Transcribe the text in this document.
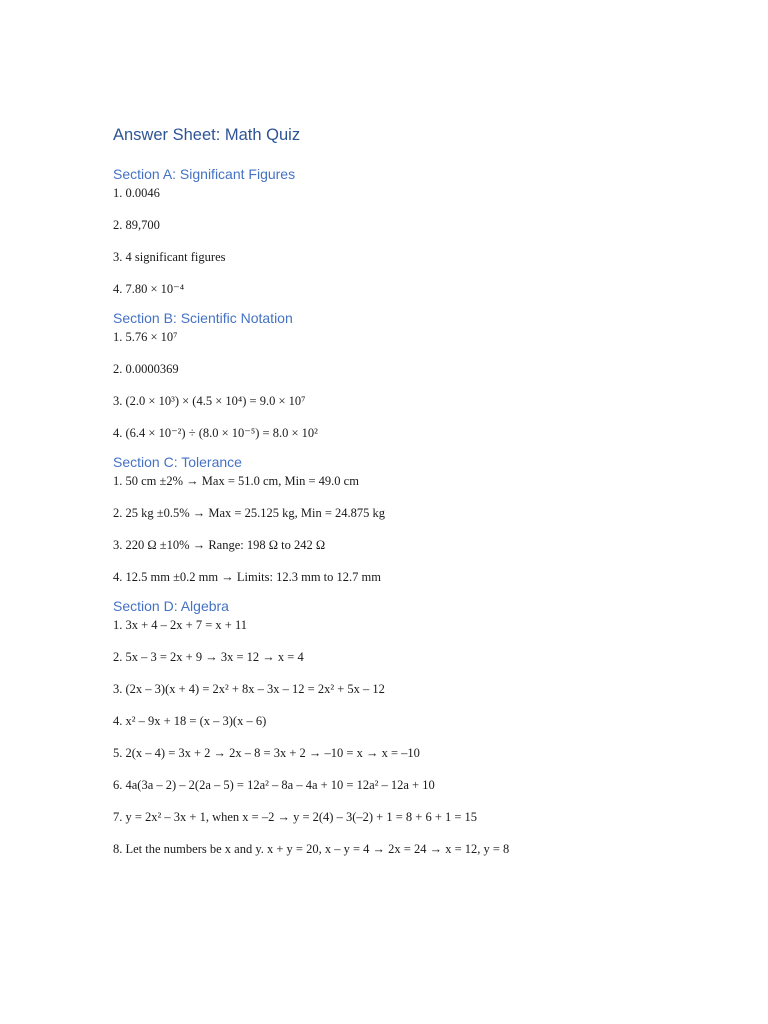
Answer Sheet: Math Quiz
Section A: Significant Figures

1. 0.0046

2. 89,700

3. 4 significant figures

4. 7.80 × 10⁻⁴

Section B: Scientific Notation

1. 5.76 × 10⁷

2. 0.0000369

3. (2.0 × 10³) × (4.5 × 10⁴) = 9.0 × 10⁷

4. (6.4 × 10⁻²) ÷ (8.0 × 10⁻⁵) = 8.0 × 10²

Section C: Tolerance

1. 50 cm ±2% → Max = 51.0 cm, Min = 49.0 cm

2. 25 kg ±0.5% → Max = 25.125 kg, Min = 24.875 kg

3. 220 Ω ±10% → Range: 198 Ω to 242 Ω

4. 12.5 mm ±0.2 mm → Limits: 12.3 mm to 12.7 mm

Section D: Algebra

1. 3x + 4 – 2x + 7 = x + 11

2. 5x – 3 = 2x + 9 → 3x = 12 → x = 4

3. (2x – 3)(x + 4) = 2x² + 8x – 3x – 12 = 2x² + 5x – 12

4. x² – 9x + 18 = (x – 3)(x – 6)

5. 2(x – 4) = 3x + 2 → 2x – 8 = 3x + 2 → –10 = x → x = –10

6. 4a(3a – 2) – 2(2a – 5) = 12a² – 8a – 4a + 10 = 12a² – 12a + 10

7. y = 2x² – 3x + 1, when x = –2 → y = 2(4) – 3(–2) + 1 = 8 + 6 + 1 = 15

8. Let the numbers be x and y. x + y = 20, x – y = 4 → 2x = 24 → x = 12, y = 8
